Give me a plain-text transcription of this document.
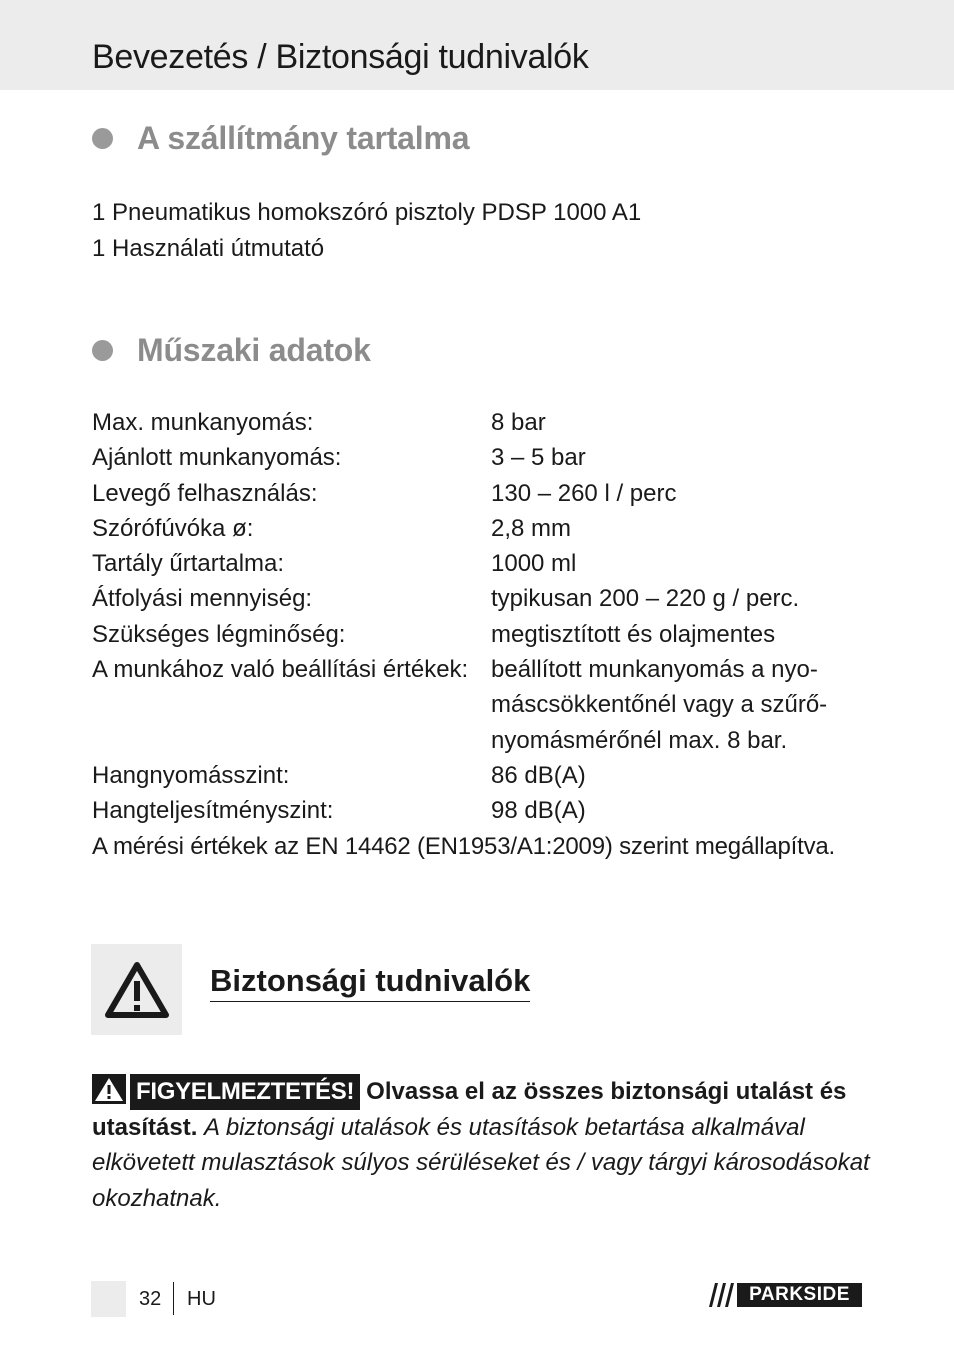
Bevezetés / Biztonsági tudnivalók
A szállítmány tartalma
1 Pneumatikus homokszóró pisztoly PDSP 1000 A1
1 Használati útmutató
Műszaki adatok
Max. munkanyomás:	8 bar
Ajánlott munkanyomás:	3 – 5 bar
Levegő felhasználás:	130 – 260 l / perc
Szórófúvóka ø:	2,8 mm
Tartály űrtartalma:	1000 ml
Átfolyási mennyiség:	typikusan 200 – 220 g / perc.
Szükséges légminőség:	megtisztított és olajmentes
A munkához való beállítási értékek: beállított munkanyomás a nyo-
máscsökkentőnél vagy a szűrő-
nyomásmérőnél max. 8 bar.
Hangnyomásszint:	86 dB(A)
Hangteljesítményszint:	98 dB(A)
A mérési értékek az EN 14462 (EN1953/A1:2009) szerint megállapítva.
Biztonsági tudnivalók
FIGYELMEZTETÉS! Olvassa el az összes biztonsági utalást és utasítást. A biztonsági utalások és utasítások betartása alkalmával elkövetett mulasztások súlyos sérüléseket és / vagy tárgyi károsodásokat okozhatnak.
32 HU	PARKSIDE
